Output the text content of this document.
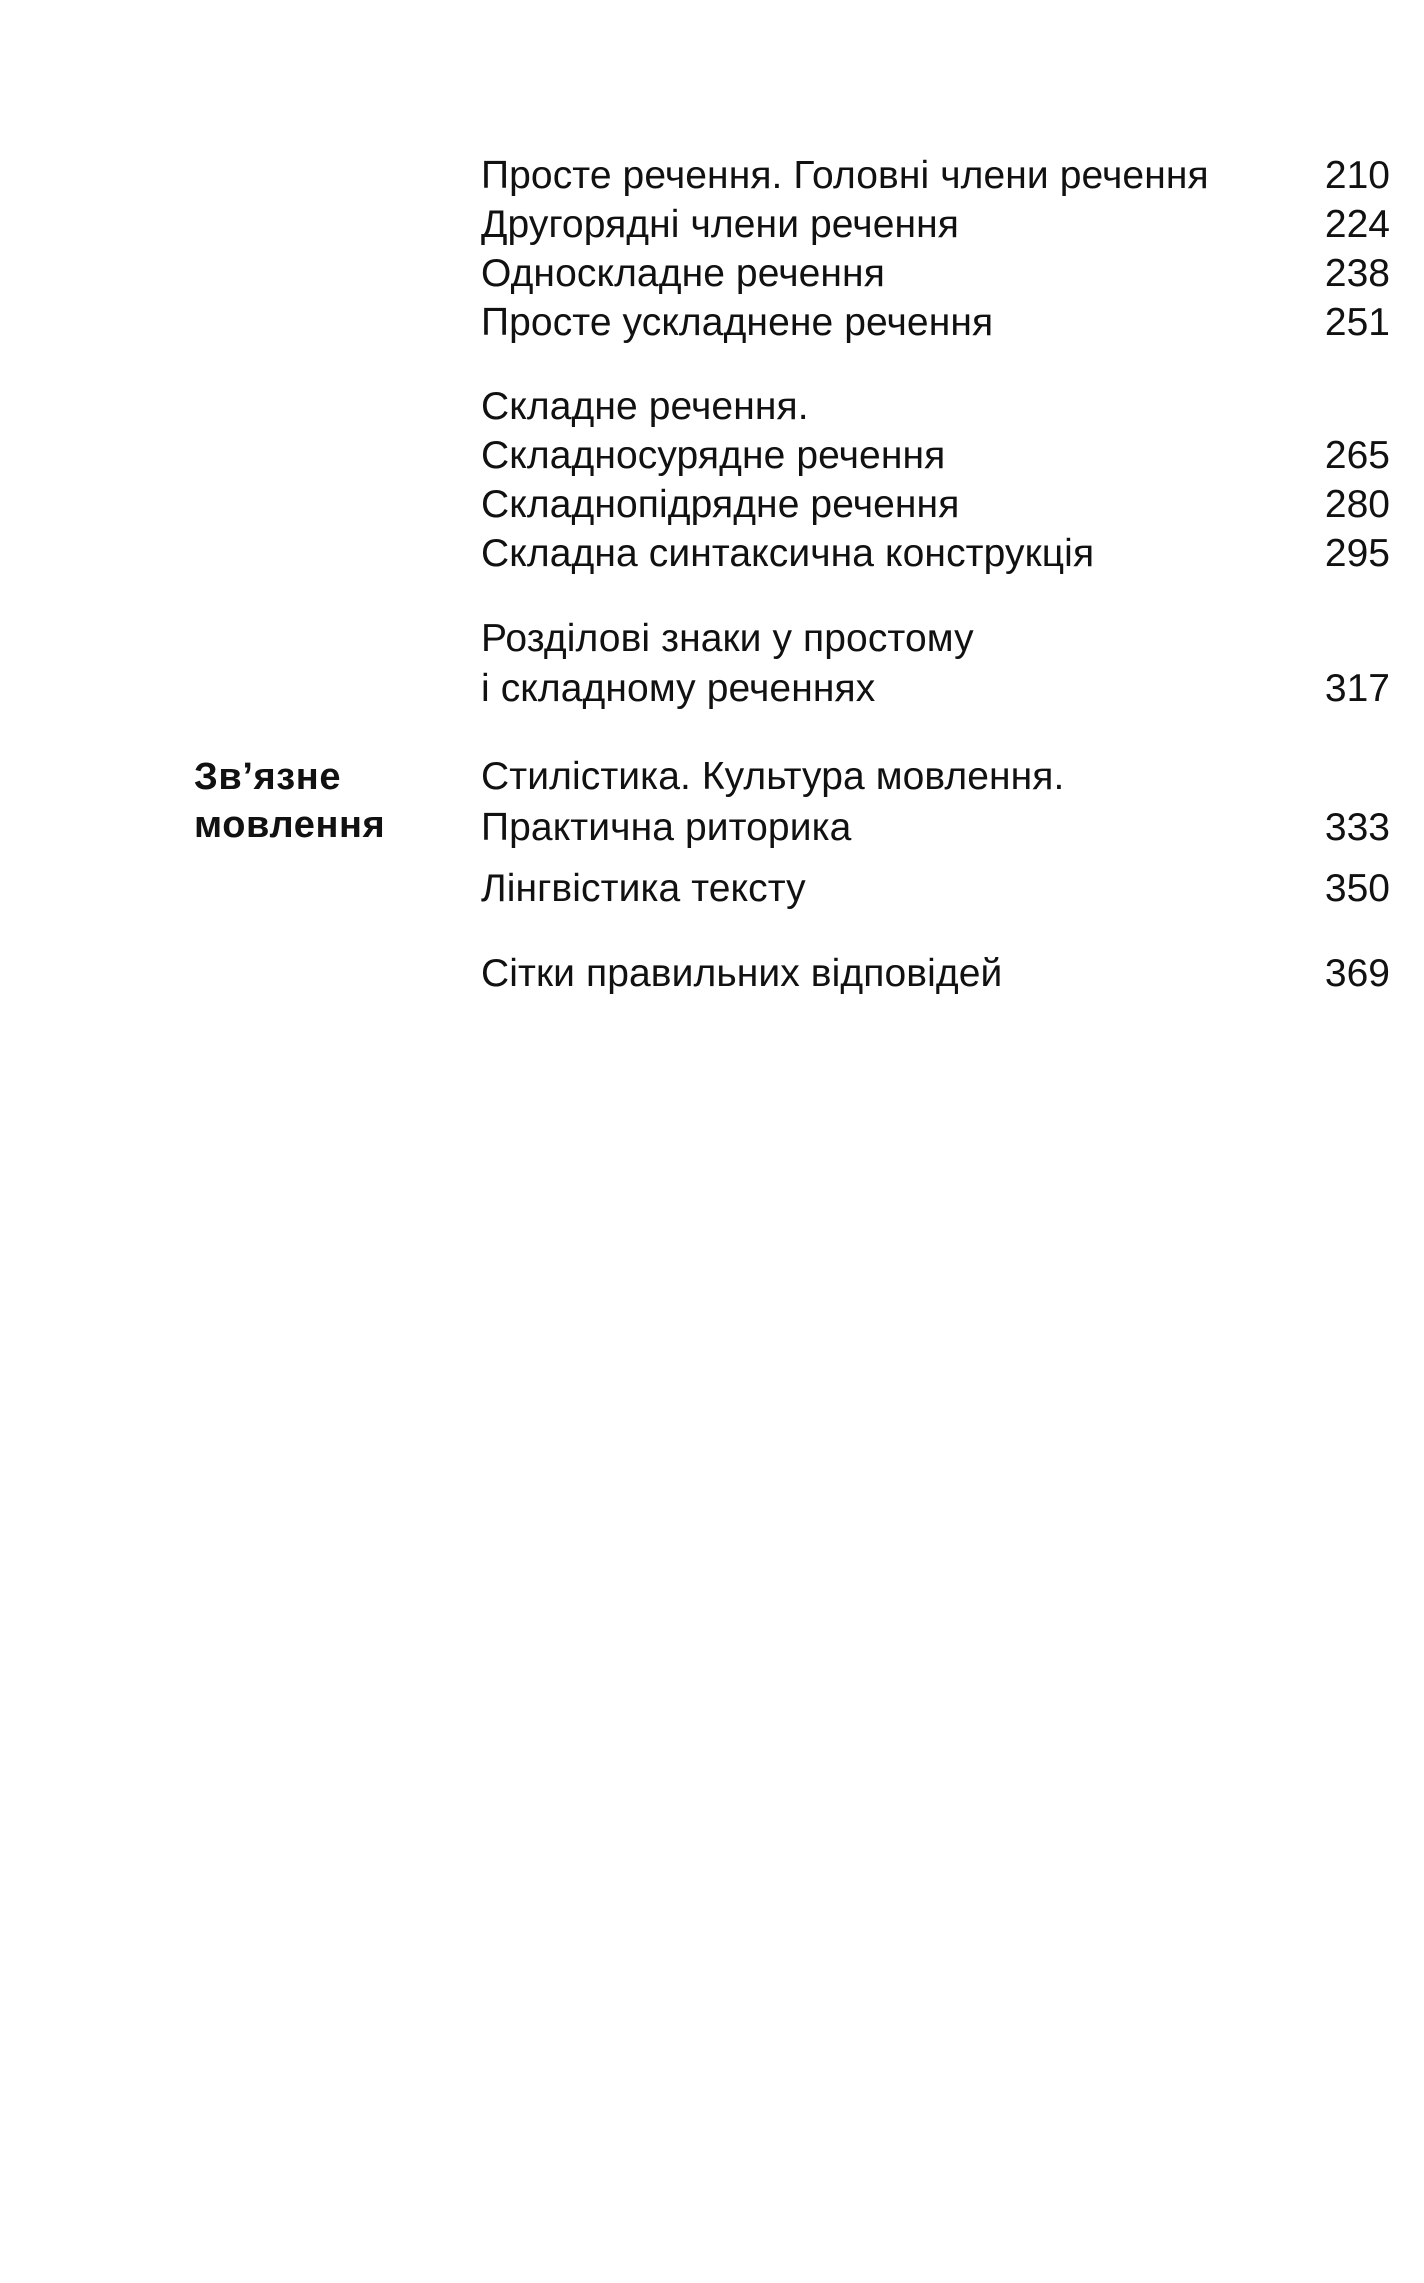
Зв’язне
мовлення
Просте речення. Головні члени речення	210
Другорядні члени речення	224
Односкладне речення	238
Просте ускладнене речення	251
Складне речення.
Складносурядне речення	265
Складнопідрядне речення	280
Складна синтаксична конструкція	295
Розділові знаки у простому
і складному реченнях	317
Стилістика. Культура мовлення.
Практична риторика	333
Лінгвістика тексту	350
Сітки правильних відповідей	369
